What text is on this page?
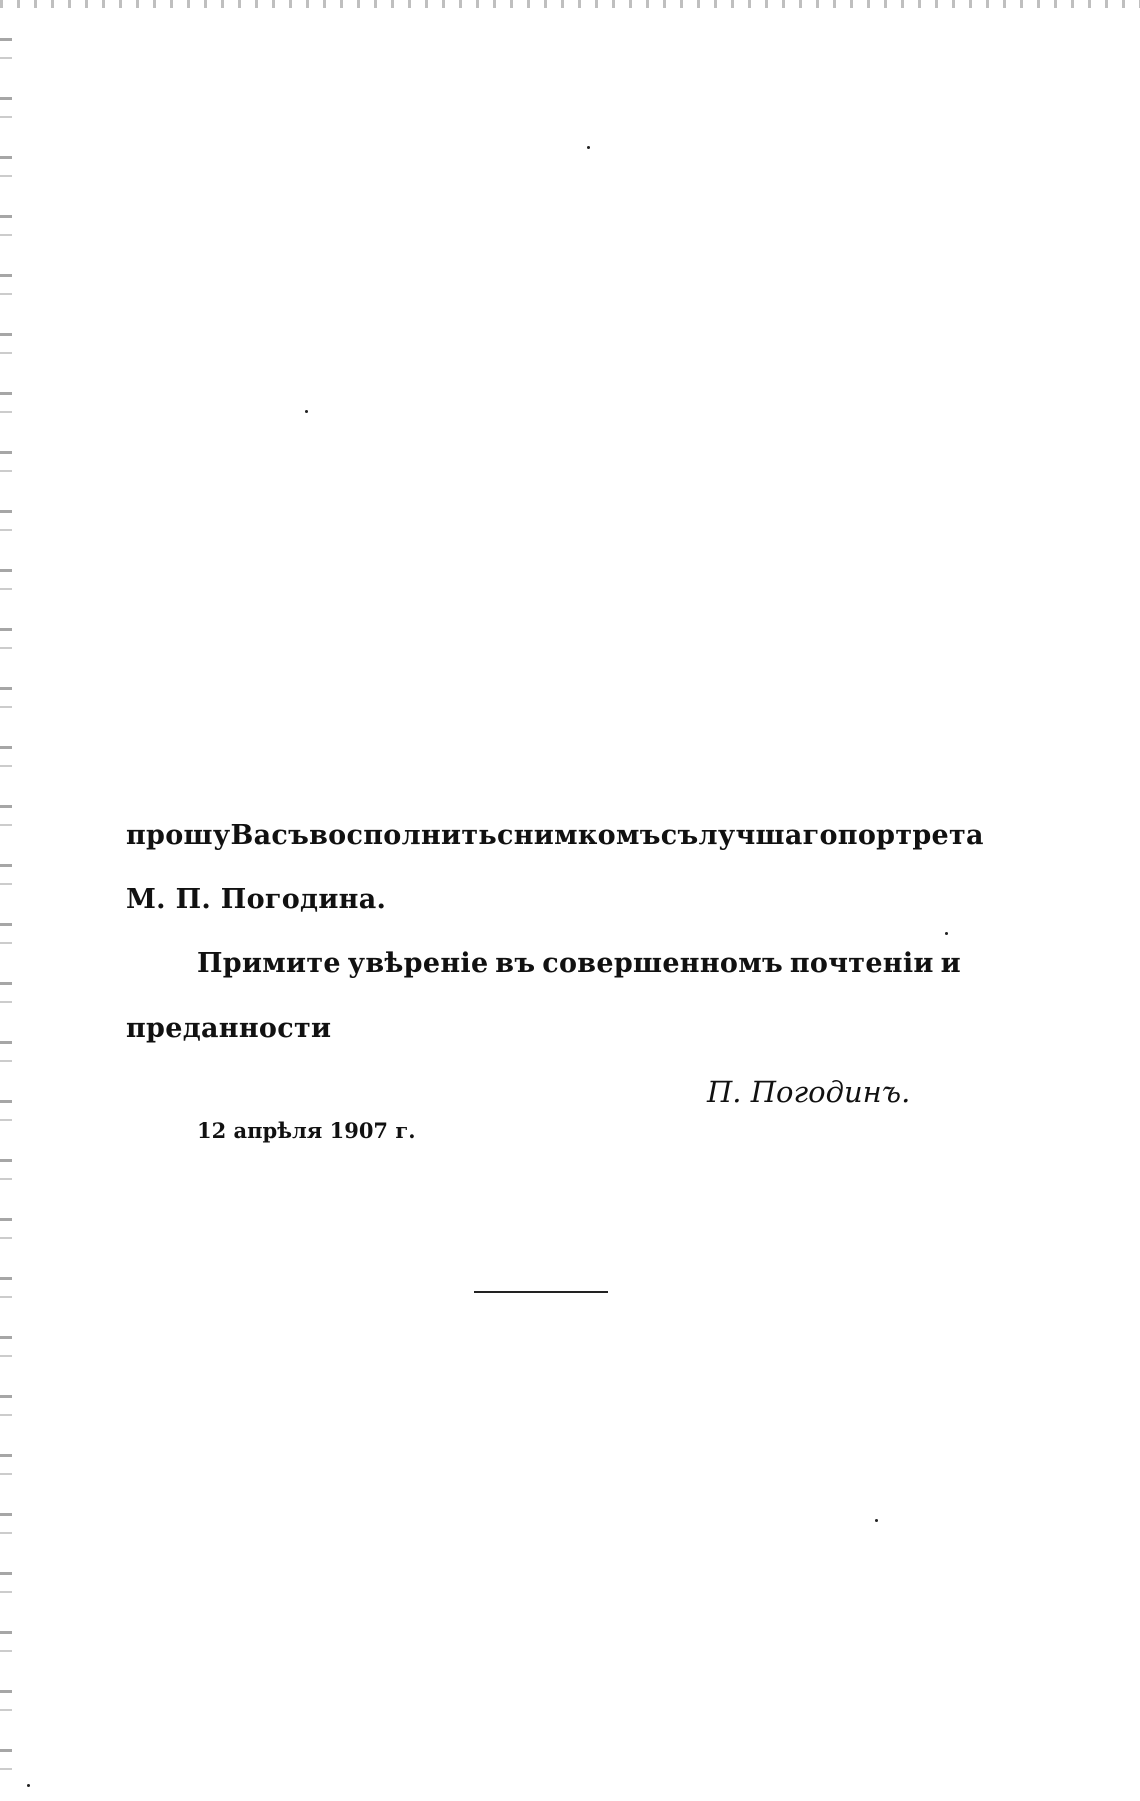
прошу Васъ восполнить снимкомъ съ лучшаго портрета
М. П. Погодина.
Примите увѣреніе въ совершенномъ почтеніи и
преданности
П. Погодинъ.
12 апрѣля 1907 г.
